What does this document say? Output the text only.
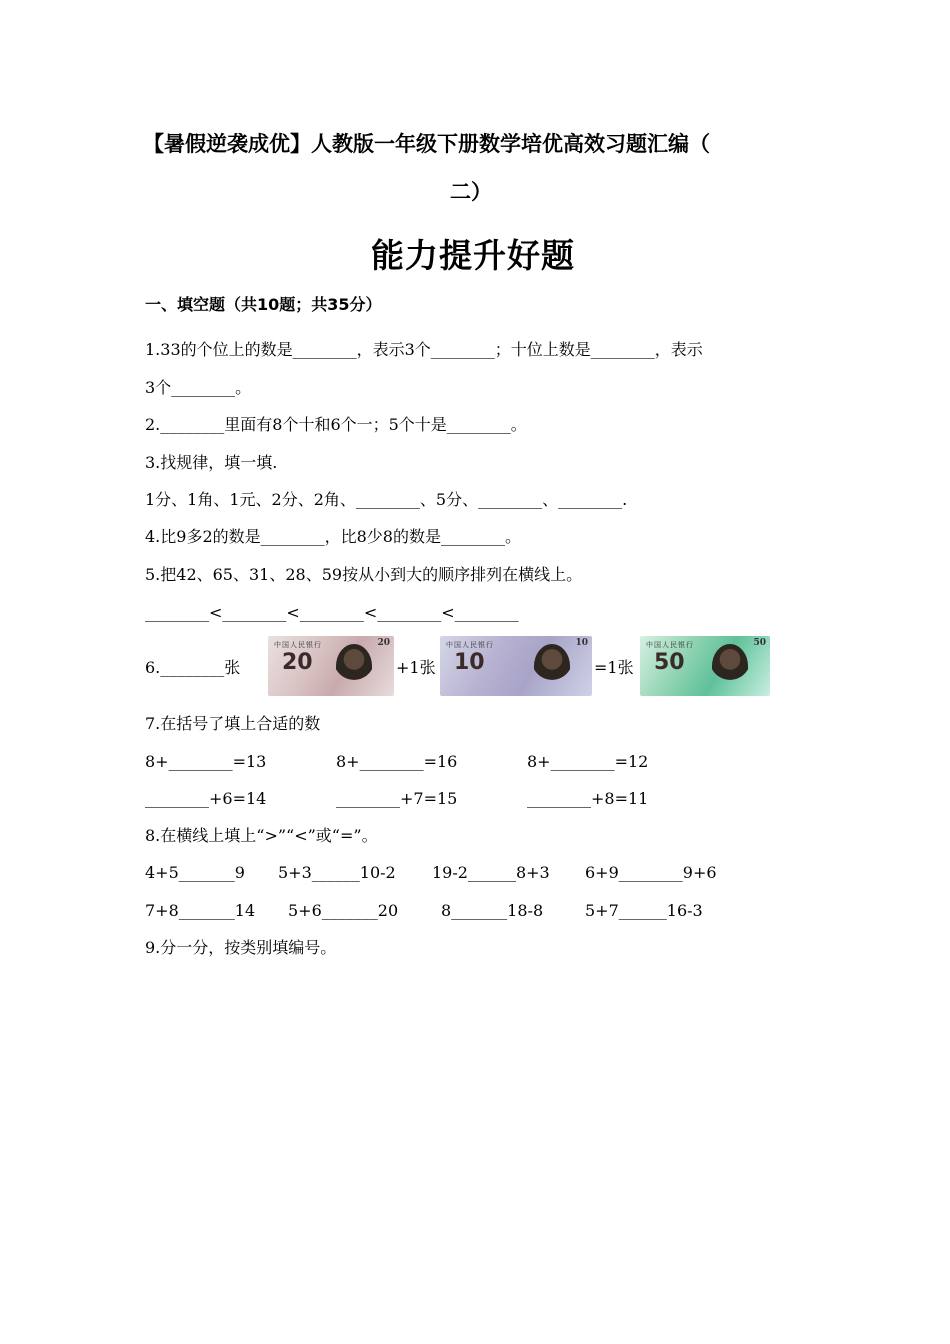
【暑假逆袭成优】人教版一年级下册数学培优高效习题汇编（
二）
能力提升好题
一、填空题（共10题；共35分）
1.33的个位上的数是________，表示3个________；十位上数是________，表示
3个________。
2.________里面有8个十和6个一；5个十是________。
3.找规律，填一填.
1分、1角、1元、2分、2角、________、5分、________、________.
4.比9多2的数是________，比8少8的数是________。
5.把42、65、31、28、59按从小到大的顺序排列在横线上。
________<________<________<________<________
6.________张
中国人民银行
20
20
+1张
中国人民银行
10
10
=1张
中国人民银行
50
50
7.在括号了填上合适的数
8+________=13	8+________=16	8+________=12
________+6=14	________+7=15	________+8=11
8.在横线上填上“>”“<”或“=”。
4+5_______9 5+3______10-2 19-2______8+3 6+9________9+6
7+8_______14 5+6_______20	8_______18-8	5+7______16-3
9.分一分，按类别填编号。
